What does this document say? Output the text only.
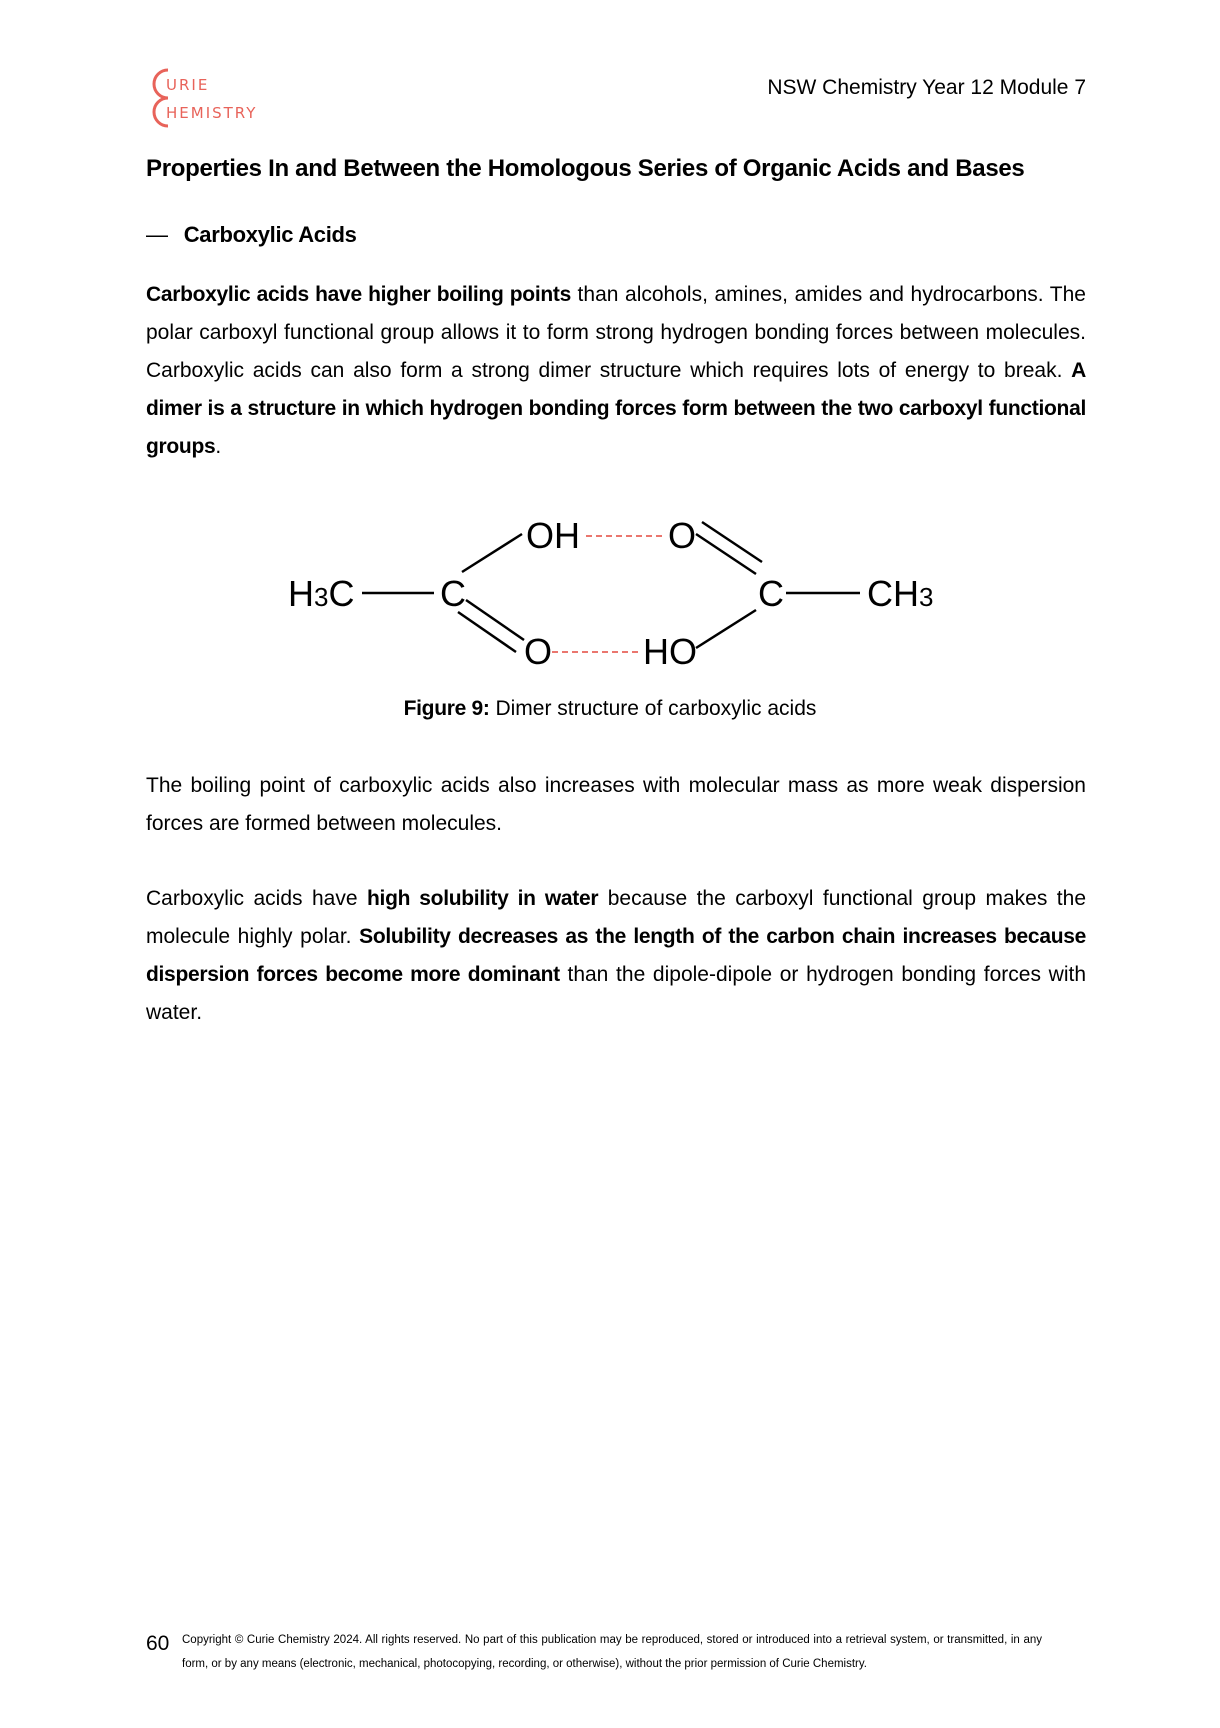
URIE
HEMISTRY
NSW Chemistry Year 12 Module 7
Properties In and Between the Homologous Series of Organic Acids and Bases
— Carboxylic Acids
Carboxylic acids have higher boiling points than alcohols, amines, amides and hydrocarbons. The polar carboxyl functional group allows it to form strong hydrogen bonding forces between molecules. Carboxylic acids can also form a strong dimer structure which requires lots of energy to break. A dimer is a structure in which hydrogen bonding forces form between the two carboxyl functional groups.
H3C C
OH O
C CH3
O	HO
Figure 9: Dimer structure of carboxylic acids
The boiling point of carboxylic acids also increases with molecular mass as more weak dispersion forces are formed between molecules.
Carboxylic acids have high solubility in water because the carboxyl functional group makes the molecule highly polar. Solubility decreases as the length of the carbon chain increases because dispersion forces become more dominant than the dipole-dipole or hydrogen bonding forces with water.
60 Copyright © Curie Chemistry 2024. All rights reserved. No part of this publication may be reproduced, stored or introduced into a retrieval system, or transmitted, in any form, or by any means (electronic, mechanical, photocopying, recording, or otherwise), without the prior permission of Curie Chemistry.
